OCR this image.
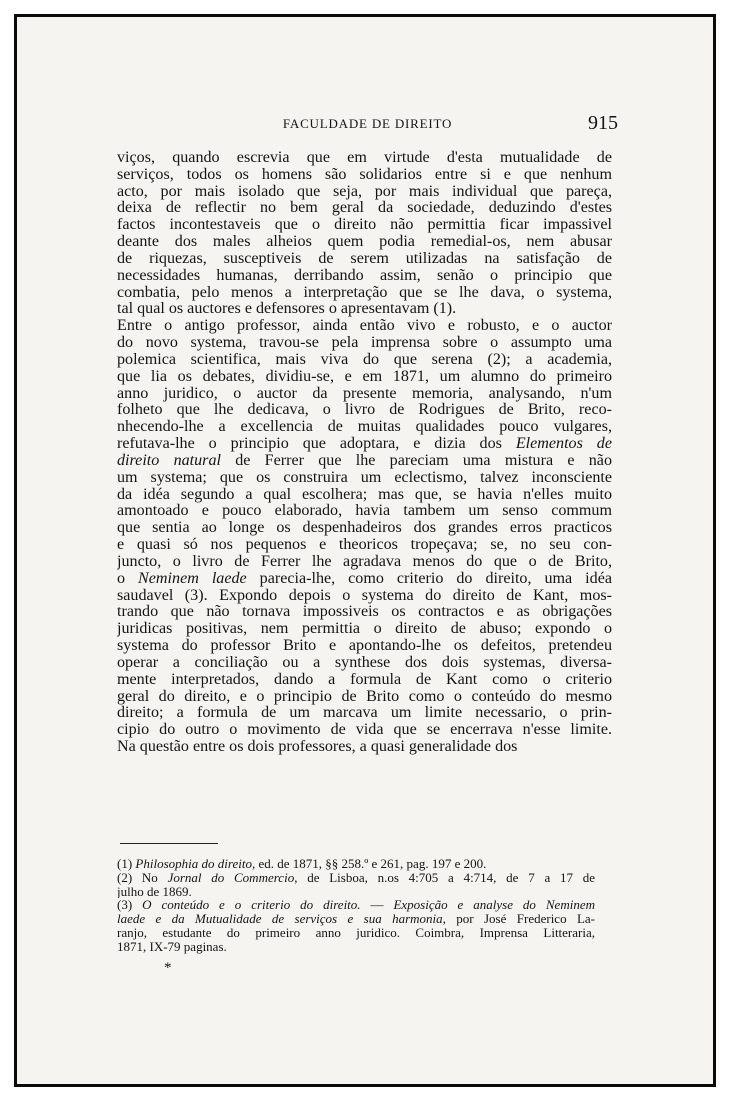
FACULDADE DE DIREITO	915
viços, quando escrevia que em virtude d'esta mutualidade de
serviços, todos os homens são solidarios entre si e que nenhum
acto, por mais isolado que seja, por mais individual que pareça,
deixa de reflectir no bem geral da sociedade, deduzindo d'estes
factos incontestaveis que o direito não permittia ficar impassivel
deante dos males alheios quem podia remedial-os, nem abusar
de riquezas, susceptiveis de serem utilizadas na satisfação de
necessidades humanas, derribando assim, senão o principio que
combatia, pelo menos a interpretação que se lhe dava, o systema,
tal qual os auctores e defensores o apresentavam (1).
Entre o antigo professor, ainda então vivo e robusto, e o auctor
do novo systema, travou-se pela imprensa sobre o assumpto uma
polemica scientifica, mais viva do que serena (2); a academia,
que lia os debates, dividiu-se, e em 1871, um alumno do primeiro
anno juridico, o auctor da presente memoria, analysando, n'um
folheto que lhe dedicava, o livro de Rodrigues de Brito, reco-
nhecendo-lhe a excellencia de muitas qualidades pouco vulgares,
refutava-lhe o principio que adoptara, e dizia dos Elementos de
direito natural de Ferrer que lhe pareciam uma mistura e não
um systema; que os construira um eclectismo, talvez inconsciente
da idéa segundo a qual escolhera; mas que, se havia n'elles muito
amontoado e pouco elaborado, havia tambem um senso commum
que sentia ao longe os despenhadeiros dos grandes erros practicos
e quasi só nos pequenos e theoricos tropeçava; se, no seu con-
juncto, o livro de Ferrer lhe agradava menos do que o de Brito,
o Neminem laede parecia-lhe, como criterio do direito, uma idéa
saudavel (3). Expondo depois o systema do direito de Kant, mos-
trando que não tornava impossiveis os contractos e as obrigações
juridicas positivas, nem permittia o direito de abuso; expondo o
systema do professor Brito e apontando-lhe os defeitos, pretendeu
operar a conciliação ou a synthese dos dois systemas, diversa-
mente interpretados, dando a formula de Kant como o criterio
geral do direito, e o principio de Brito como o conteúdo do mesmo
direito; a formula de um marcava um limite necessario, o prin-
cipio do outro o movimento de vida que se encerrava n'esse limite.
Na questão entre os dois professores, a quasi generalidade dos
(1) Philosophia do direito, ed. de 1871, §§ 258.º e 261, pag. 197 e 200.
(2) No Jornal do Commercio, de Lisboa, n.os 4:705 a 4:714, de 7 a 17 de
julho de 1869.
(3) O conteúdo e o criterio do direito. — Exposição e analyse do Neminem
laede e da Mutualidade de serviços e sua harmonia, por José Frederico La-
ranjo, estudante do primeiro anno juridico. Coimbra, Imprensa Litteraria,
1871, IX-79 paginas.
*
